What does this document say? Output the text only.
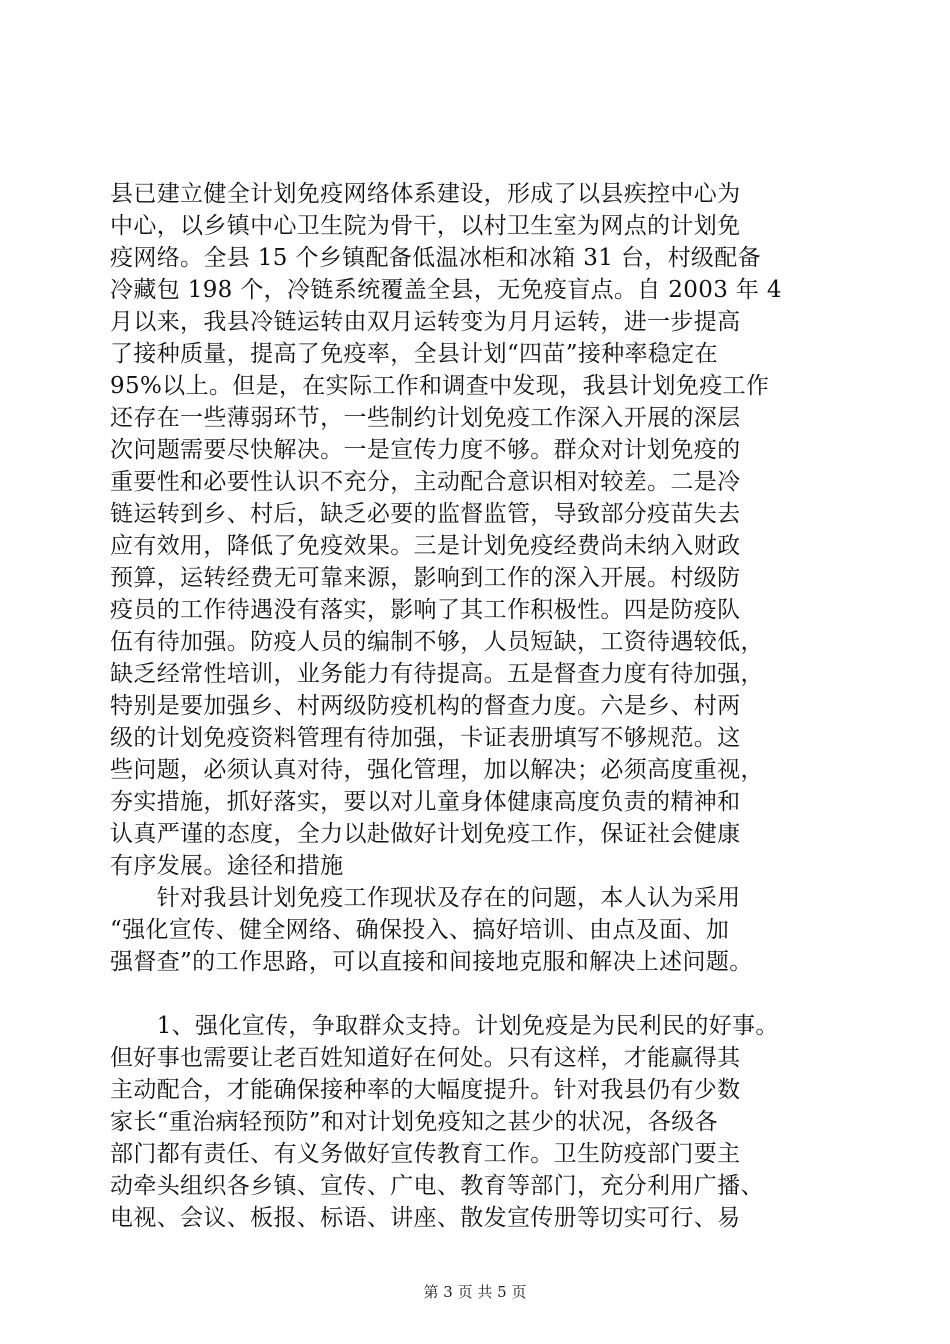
县已建立健全计划免疫网络体系建设，形成了以县疾控中心为
中心，以乡镇中心卫生院为骨干，以村卫生室为网点的计划免
疫网络。全县 15 个乡镇配备低温冰柜和冰箱 31 台，村级配备
冷藏包 198 个，冷链系统覆盖全县，无免疫盲点。自 2003 年 4
月以来，我县冷链运转由双月运转变为月月运转，进一步提高
了接种质量，提高了免疫率，全县计划“四苗”接种率稳定在
95%以上。但是，在实际工作和调查中发现，我县计划免疫工作
还存在一些薄弱环节，一些制约计划免疫工作深入开展的深层
次问题需要尽快解决。一是宣传力度不够。群众对计划免疫的
重要性和必要性认识不充分，主动配合意识相对较差。二是冷
链运转到乡、村后，缺乏必要的监督监管，导致部分疫苗失去
应有效用，降低了免疫效果。三是计划免疫经费尚未纳入财政
预算，运转经费无可靠来源，影响到工作的深入开展。村级防
疫员的工作待遇没有落实，影响了其工作积极性。四是防疫队
伍有待加强。防疫人员的编制不够，人员短缺，工资待遇较低，
缺乏经常性培训，业务能力有待提高。五是督查力度有待加强，
特别是要加强乡、村两级防疫机构的督查力度。六是乡、村两
级的计划免疫资料管理有待加强，卡证表册填写不够规范。这
些问题，必须认真对待，强化管理，加以解决；必须高度重视，
夯实措施，抓好落实，要以对儿童身体健康高度负责的精神和
认真严谨的态度，全力以赴做好计划免疫工作，保证社会健康
有序发展。途径和措施
　　针对我县计划免疫工作现状及存在的问题，本人认为采用
“强化宣传、健全网络、确保投入、搞好培训、由点及面、加
强督查”的工作思路，可以直接和间接地克服和解决上述问题。
　　1、强化宣传，争取群众支持。计划免疫是为民利民的好事。
但好事也需要让老百姓知道好在何处。只有这样，才能赢得其
主动配合，才能确保接种率的大幅度提升。针对我县仍有少数
家长“重治病轻预防”和对计划免疫知之甚少的状况，各级各
部门都有责任、有义务做好宣传教育工作。卫生防疫部门要主
动牵头组织各乡镇、宣传、广电、教育等部门，充分利用广播、
电视、会议、板报、标语、讲座、散发宣传册等切实可行、易
第 3 页 共 5 页
